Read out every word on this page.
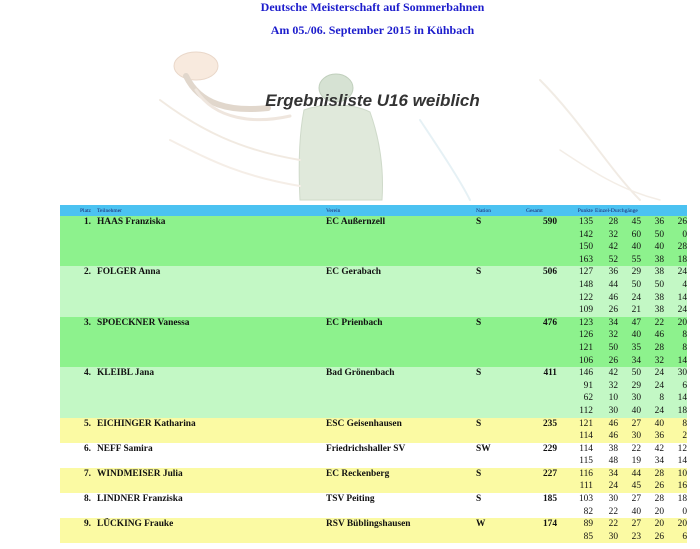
Deutsche Meisterschaft auf Sommerbahnen
Am 05./06. September 2015 in Kühbach
Ergebnisliste U16 weiblich
Platz	Teilnehmer	Verein	Nation	Gesamt	Punkte	Einzel-Durchgänge			
1.	HAAS Franziska	EC Außernzell	S	590	135	28	45	36	26
					142	32	60	50	0
					150	42	40	40	28
					163	52	55	38	18
2.	FOLGER Anna	EC Gerabach	S	506	127	36	29	38	24
					148	44	50	50	4
					122	46	24	38	14
					109	26	21	38	24
3.	SPOECKNER Vanessa	EC Prienbach	S	476	123	34	47	22	20
					126	32	40	46	8
					121	50	35	28	8
					106	26	34	32	14
4.	KLEIBL Jana	Bad Grönenbach	S	411	146	42	50	24	30
					91	32	29	24	6
					62	10	30	8	14
					112	30	40	24	18
5.	EICHINGER Katharina	ESC Geisenhausen	S	235	121	46	27	40	8
					114	46	30	36	2
6.	NEFF Samira	Friedrichshaller SV	SW	229	114	38	22	42	12
					115	48	19	34	14
7.	WINDMEISER Julia	EC Reckenberg	S	227	116	34	44	28	10
					111	24	45	26	16
8.	LINDNER Franziska	TSV Peiting	S	185	103	30	27	28	18
					82	22	40	20	0
9.	LÜCKING Frauke	RSV Büblingshausen	W	174	89	22	27	20	20
					85	30	23	26	6
